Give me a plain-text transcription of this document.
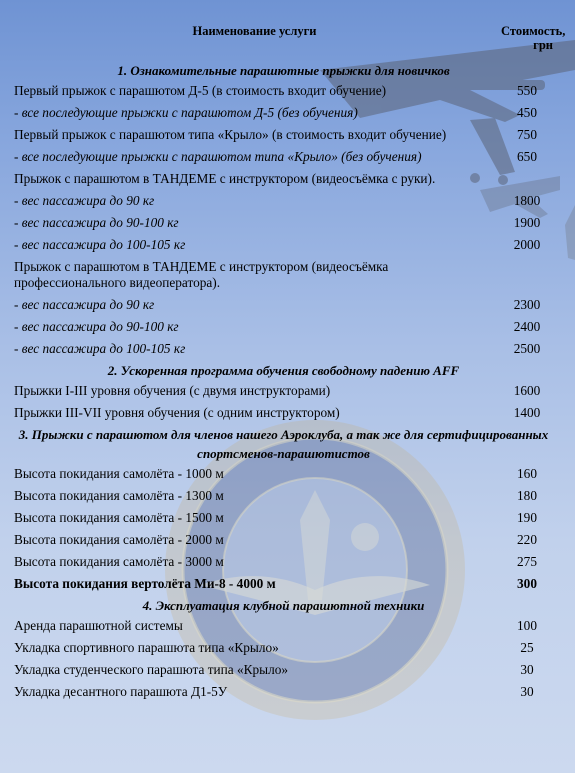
Наименование услуги	Стоимость,
грн
1. Ознакомительные парашютные прыжки для новичков	
Первый прыжок с парашютом Д-5 (в стоимость входит обучение)	550
- все последующие прыжки с парашютом Д-5 (без обучения)	450
Первый прыжок с парашютом типа «Крыло» (в стоимость входит обучение)	750
- все последующие прыжки с парашютом типа «Крыло» (без обучения)	650
Прыжок с парашютом в ТАНДЕМЕ с инструктором (видеосъёмка с руки).	
- вес пассажира до 90 кг	1800
- вес пассажира до 90-100 кг	1900
- вес пассажира до 100-105 кг	2000
Прыжок с парашютом в ТАНДЕМЕ с инструктором (видеосъёмка профессионального видеоператора).	
- вес пассажира до 90 кг	2300
- вес пассажира до 90-100 кг	2400
- вес пассажира до 100-105 кг	2500
2. Ускоренная программа обучения свободному падению AFF	
Прыжки I-III уровня обучения (с двумя инструкторами)	1600
Прыжки III-VII уровня обучения (с одним инструктором)	1400
3. Прыжки с парашютом для членов нашего Аэроклуба, а так же для сертифицированных спортсменов-парашютистов	
Высота покидания самолёта - 1000 м	160
Высота покидания самолёта - 1300 м	180
Высота покидания самолёта - 1500 м	190
Высота покидания самолёта - 2000 м	220
Высота покидания самолёта - 3000 м	275
Высота покидания вертолёта Ми-8 - 4000 м	300
4. Эксплуатация клубной парашютной техники	
Аренда парашютной системы	100
Укладка спортивного парашюта типа «Крыло»	25
Укладка студенческого парашюта типа «Крыло»	30
Укладка десантного парашюта Д1-5У	30
